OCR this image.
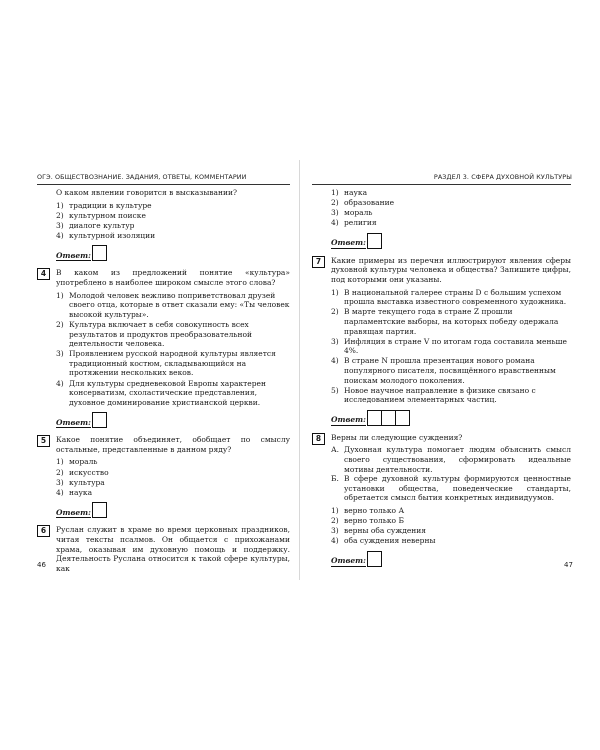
ОГЭ. ОБЩЕСТВОЗНАНИЕ. ЗАДАНИЯ, ОТВЕТЫ, КОММЕНТАРИИ
О каком явлении говорится в высказывании?
1) традиции в культуре
2) культурном поиске
3) диалоге культур
4) культурной изоляции
Ответ:
4	В каком из предложений понятие «культура» употреблено в наиболее широком смысле этого слова?
1) Молодой человек вежливо поприветствовал друзей своего отца, которые в ответ сказали ему: «Ты человек высокой культуры».
2) Культура включает в себя совокупность всех результатов и продуктов преобразовательной деятельности человека.
3) Проявлением русской народной культуры является традиционный костюм, складывающийся на протяжении нескольких веков.
4) Для культуры средневековой Европы характерен консерватизм, схоластические представления, духовное доминирование христианской церкви.
Ответ:
5	Какое понятие объединяет, обобщает по смыслу остальные, представленные в данном ряду?
1) мораль
2) искусство
3) культура
4) наука
Ответ:
6	Руслан служит в храме во время церковных праздников, читая тексты псалмов. Он общается с прихожанами храма, оказывая им духовную помощь и поддержку. Деятельность Руслана относится к такой сфере культуры, как
46
РАЗДЕЛ 3. СФЕРА ДУХОВНОЙ КУЛЬТУРЫ
1) наука
2) образование
3) мораль
4) религия
Ответ:
7	Какие примеры из перечня иллюстрируют явления сферы духовной культуры человека и общества? Запишите цифры, под которыми они указаны.
1) В национальной галерее страны D с большим успехом прошла выставка известного современного художника.
2) В марте текущего года в стране Z прошли парламентские выборы, на которых победу одержала правящая партия.
3) Инфляция в стране V по итогам года составила меньше 4%.
4) В стране N прошла презентация нового романа популярного писателя, посвящённого нравственным поискам молодого поколения.
5) Новое научное направление в физике связано с исследованием элементарных частиц.
Ответ:
8	Верны ли следующие суждения?
А. Духовная культура помогает людям объяснить смысл своего существования, сформировать идеальные мотивы деятельности.
Б. В сфере духовной культуры формируются ценностные установки общества, поведенческие стандарты, обретается смысл бытия конкретных индивидуумов.
1) верно только А
2) верно только Б
3) верны оба суждения
4) оба суждения неверны
Ответ:	47
